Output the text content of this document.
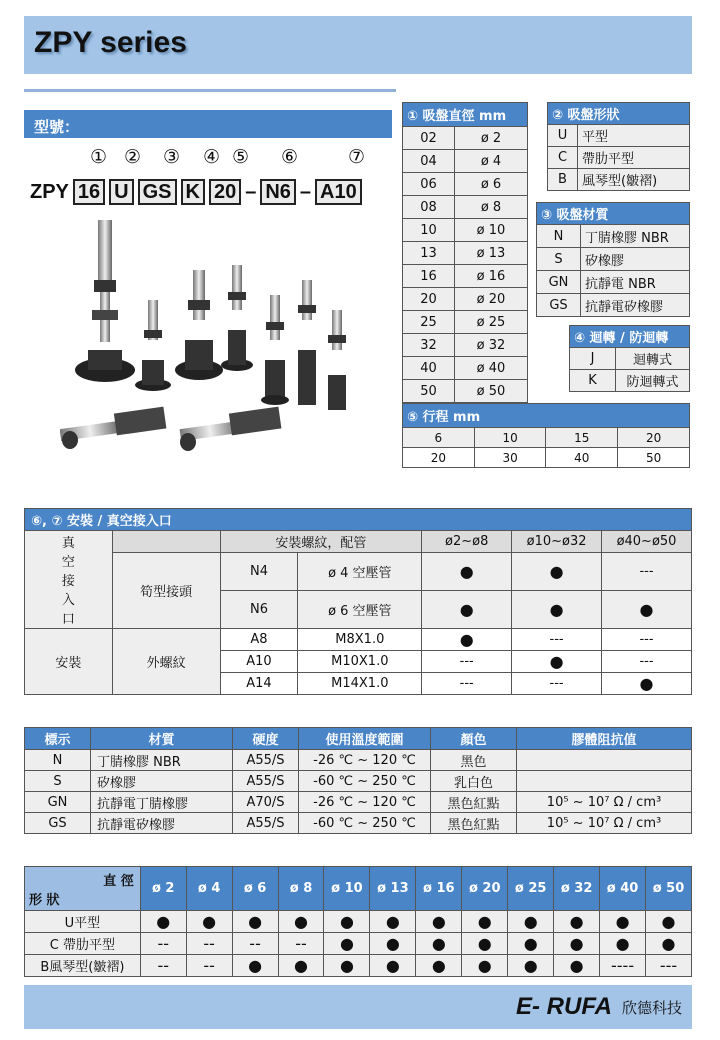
ZPY series
型號：
① ② ③ ④ ⑤ ⑥	⑦
ZPY 16 U GS K 20 – N6 – A10
① 吸盤直徑 mm	
02	ø 2
04	ø 4
06	ø 6
08	ø 8
10	ø 10
13	ø 13
16	ø 16
20	ø 20
25	ø 25
32	ø 32
40	ø 40
50	ø 50
② 吸盤形狀	
U	平型
C	帶肋平型
B	風琴型(皺褶)
③ 吸盤材質	
N	丁腈橡膠 NBR
S	矽橡膠
GN	抗靜電 NBR
GS	抗靜電矽橡膠
④ 迴轉 / 防迴轉	
J	迴轉式
K	防迴轉式
⑤ 行程 mm			
6	10	15	20
20	30	40	50
⑥, ⑦ 安裝 / 真空接入口						

真
空
接
入
口		安裝螺紋，配管		ø2~ø8	ø10~ø32	ø40~ø50
	筍型接頭	N4	ø 4 空壓管	●	●	---
		N6	ø 6 空壓管	●	●	●
安裝	外螺紋	A8	M8X1.0	●	---	---
		A10	M10X1.0	---	●	---
		A14	M14X1.0	---	---	●
標示	材質	硬度	使用溫度範圍	顏色	膠體阻抗值
N	丁腈橡膠 NBR	A55/S	-26 ℃ ~ 120 ℃	黑色	
S	矽橡膠	A55/S	-60 ℃ ~ 250 ℃	乳白色	
GN	抗靜電丁腈橡膠	A70/S	-26 ℃ ~ 120 ℃	黑色紅點	10⁵ ~ 10⁷ Ω / cm³
GS	抗靜電矽橡膠	A55/S	-60 ℃ ~ 250 ℃	黑色紅點	10⁵ ~ 10⁷ Ω / cm³
直 徑
形 狀	ø 2	ø 4	ø 6	ø 8	ø 10	ø 13	ø 16	ø 20	ø 25	ø 32	ø 40	ø 50
U平型	●	●	●	●	●	●	●	●	●	●	●	●
C 帶肋平型	--	--	--	--	●	●	●	●	●	●	●	●
B風琴型(皺褶)	--	--	●	●	●	●	●	●	●	●	----	---
E- RUFA 欣德科技
